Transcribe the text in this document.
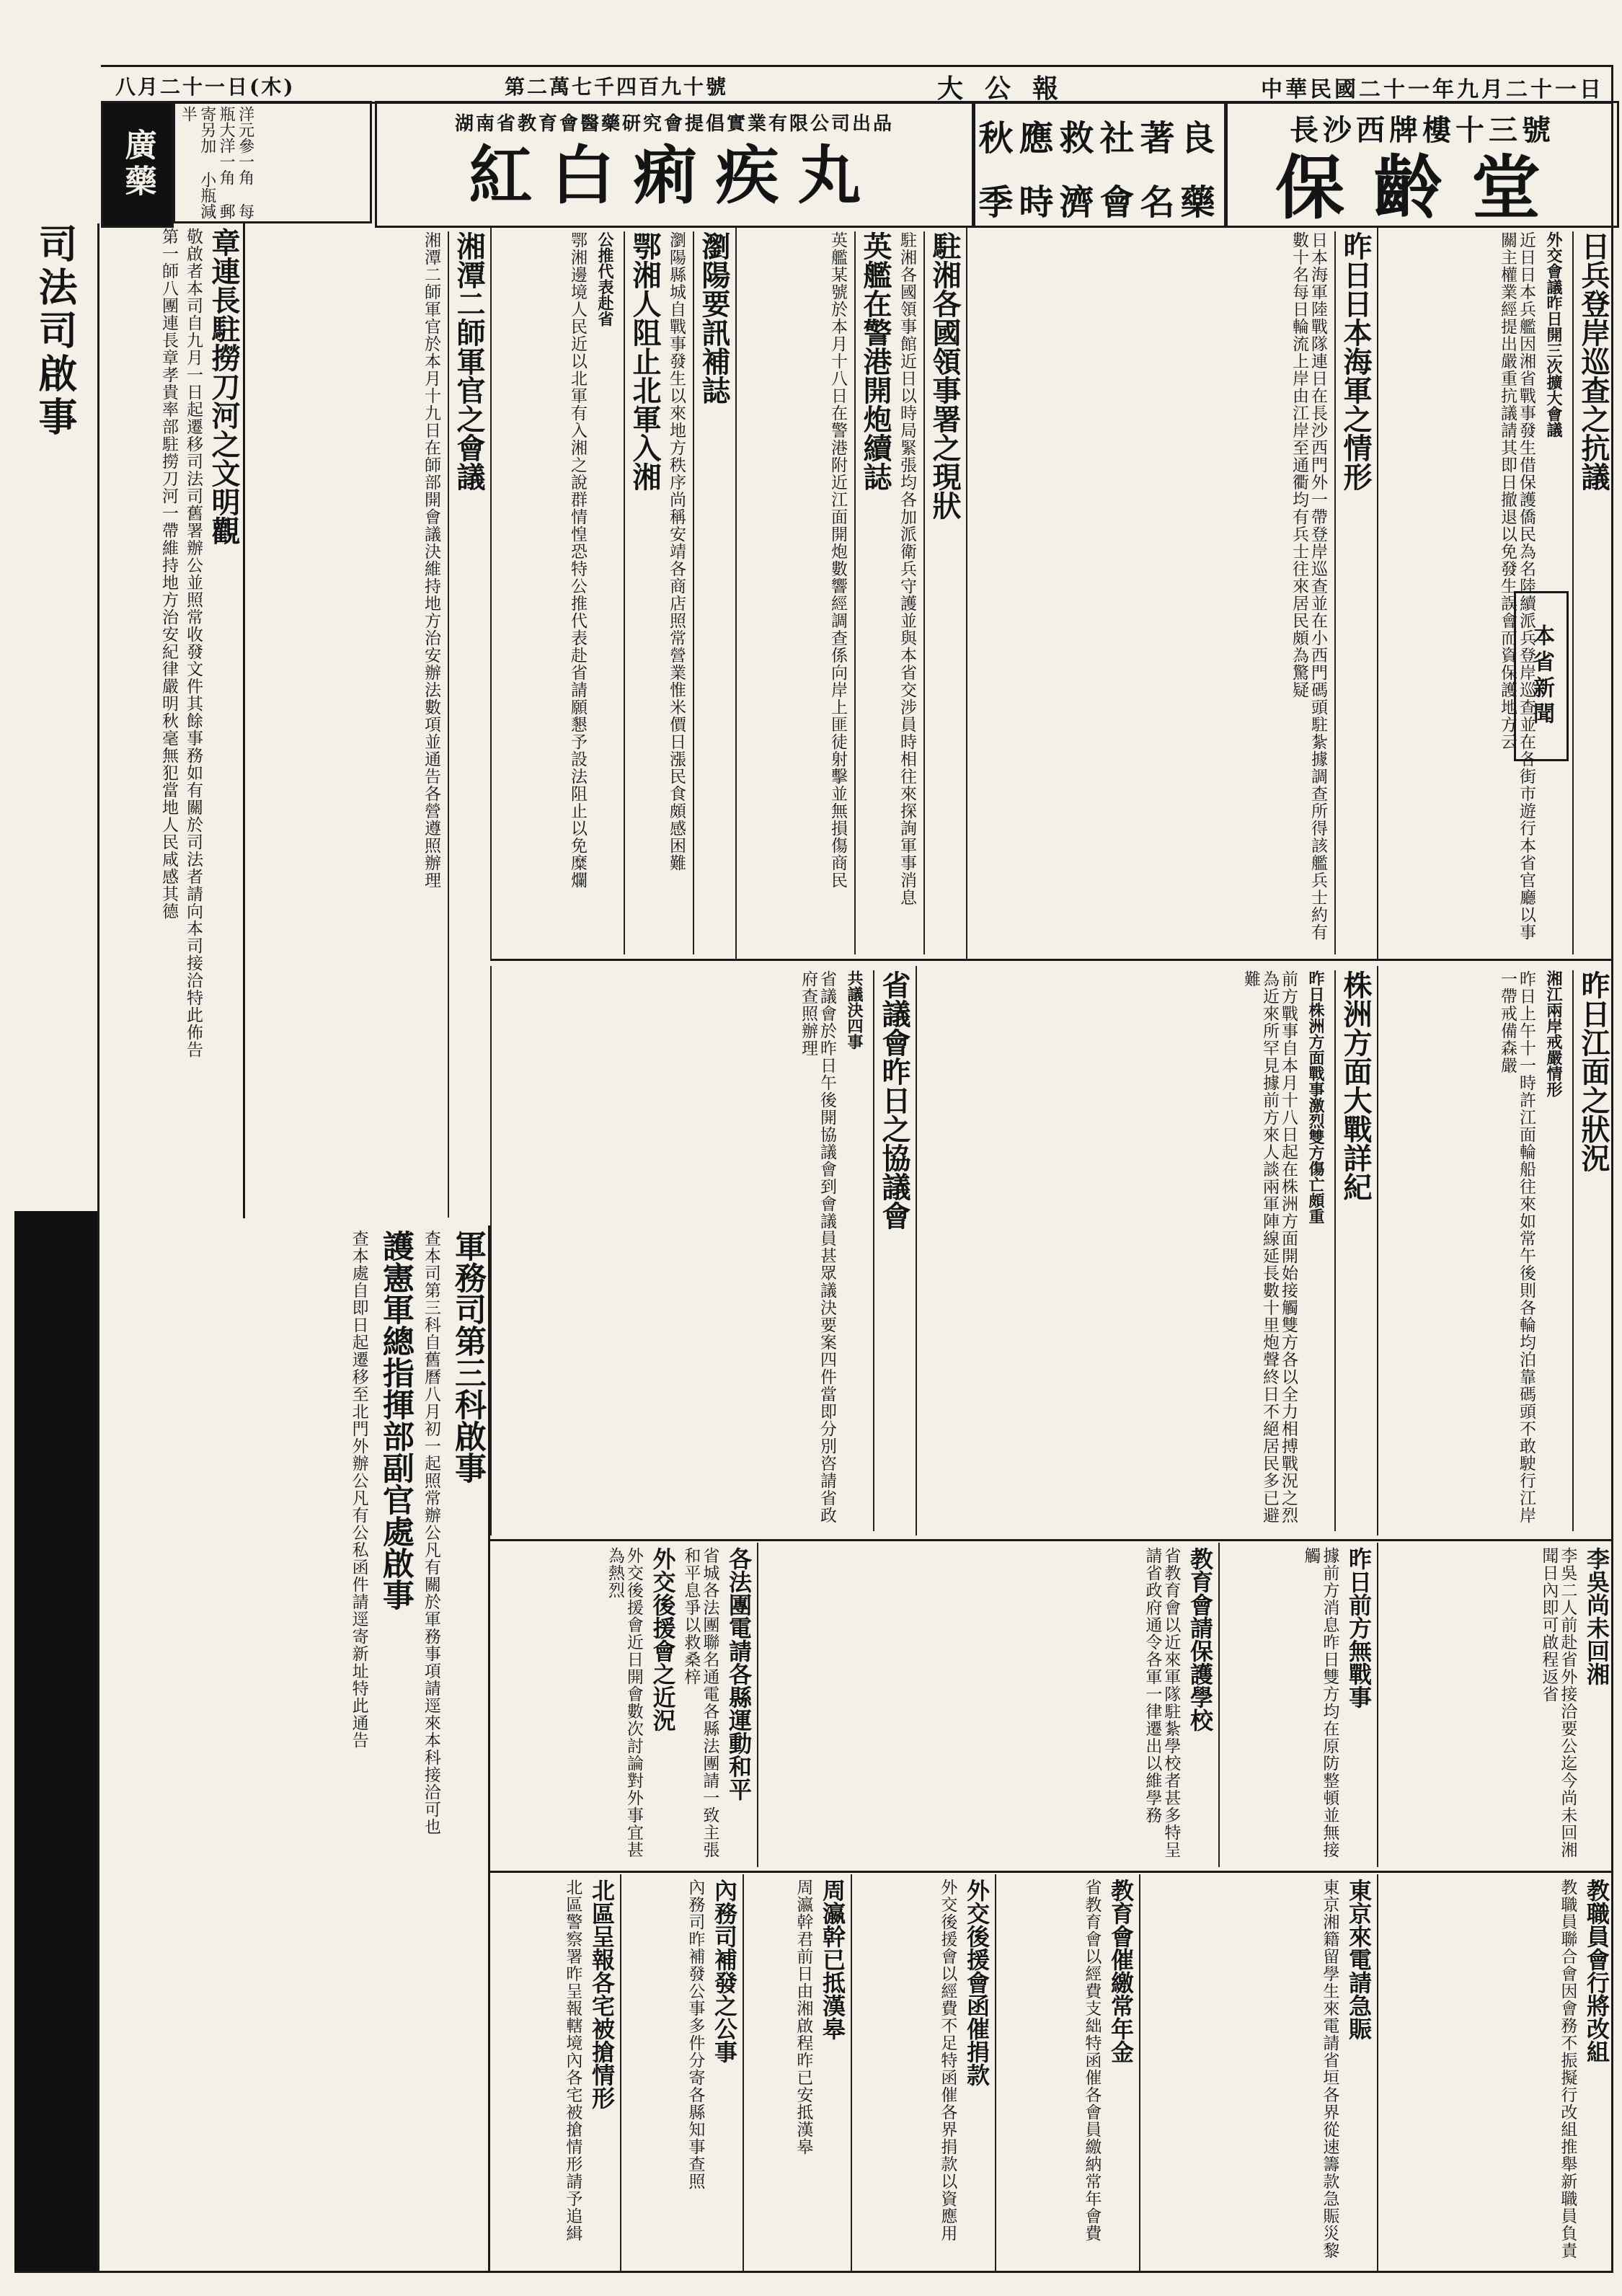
中華民國二十一年九月二十一日
大公報
第二萬七千四百九十號
八月二十一日(木)
長沙西牌樓十三號
保齡堂
秋應救社著良
季時濟會名藥
湖南省教育會醫藥研究會提倡實業有限公司出品
紅白痢疾丸
洋元參一角 每瓶大洋一角 郵寄另加 小瓶減半
廣藥
司法司啟事	章連長駐撈刀河之文明觀
敬啟者本司自九月一日起遷移司法司舊署辦公並照常收發文件其餘事務如有關於司法者請向本司接洽特此佈告
第一師八團連長章孝貴率部駐撈刀河一帶維持地方治安紀律嚴明秋毫無犯當地人民咸感其德
軍務司第三科啟事
查本司第三科自舊曆八月初一起照常辦公凡有關於軍務事項請逕來本科接洽可也
護憲軍總指揮部副官處啟事
查本處自即日起遷移至北門外辦公凡有公私函件請逕寄新址特此通告
本省新聞
日兵登岸巡查之抗議
外交會議昨日開三次擴大會議
近日日本兵艦因湘省戰事發生借保護僑民為名陸續派兵登岸巡查並在各街市遊行本省官廳以事關主權業經提出嚴重抗議請其即日撤退以免發生誤會而資保護地方云
昨日日本海軍之情形
日本海軍陸戰隊連日在長沙西門外一帶登岸巡查並在小西門碼頭駐紮據調查所得該艦兵士約有數十名每日輪流上岸由江岸至通衢均有兵士往來居民頗為驚疑
駐湘各國領事署之現狀
駐湘各國領事館近日以時局緊張均各加派衛兵守護並與本省交涉員時相往來探詢軍事消息
英艦在警港開炮續誌
英艦某號於本月十八日在警港附近江面開炮數響經調查係向岸上匪徒射擊並無損傷商民
瀏陽要訊補誌
瀏陽縣城自戰事發生以來地方秩序尚稱安靖各商店照常營業惟米價日漲民食頗感困難
鄂湘人阻止北軍入湘
公推代表赴省
鄂湘邊境人民近以北軍有入湘之說群情惶恐特公推代表赴省請願懇予設法阻止以免糜爛
湘潭二師軍官之會議
湘潭二師軍官於本月十九日在師部開會議決維持地方治安辦法數項並通告各營遵照辦理
昨日江面之狀況
湘江兩岸戒嚴情形
昨日上午十一時許江面輪船往來如常午後則各輪均泊靠碼頭不敢駛行江岸一帶戒備森嚴
株洲方面大戰詳紀
昨日株洲方面戰事激烈雙方傷亡頗重
前方戰事自本月十八日起在株洲方面開始接觸雙方各以全力相搏戰況之烈為近來所罕見據前方來人談兩軍陣線延長數十里炮聲終日不絕居民多已避難
省議會昨日之協議會
共議決四事
省議會於昨日午後開協議會到會議員甚眾議決要案四件當即分別咨請省政府查照辦理
李吳尚未回湘
李吳二人前赴省外接洽要公迄今尚未回湘聞日內即可啟程返省
昨日前方無戰事
據前方消息昨日雙方均在原防整頓並無接觸
教育會請保護學校
省教育會以近來軍隊駐紮學校者甚多特呈請省政府通令各軍一律遷出以維學務
各法團電請各縣運動和平
省城各法團聯名通電各縣法團請一致主張和平息爭以救桑梓
外交後援會之近況
外交後援會近日開會數次討論對外事宜甚為熱烈
教職員會行將改組
教職員聯合會因會務不振擬行改組推舉新職員負責
東京來電請急賑
東京湘籍留學生來電請省垣各界從速籌款急賑災黎
教育會催繳常年金
省教育會以經費支絀特函催各會員繳納常年會費
外交後援會函催捐款
外交後援會以經費不足特函催各界捐款以資應用
周瀛幹已抵漢皋
周瀛幹君前日由湘啟程昨已安抵漢皋
內務司補發之公事
內務司昨補發公事多件分寄各縣知事查照
北區呈報各宅被搶情形
北區警察署昨呈報轄境內各宅被搶情形請予追緝
